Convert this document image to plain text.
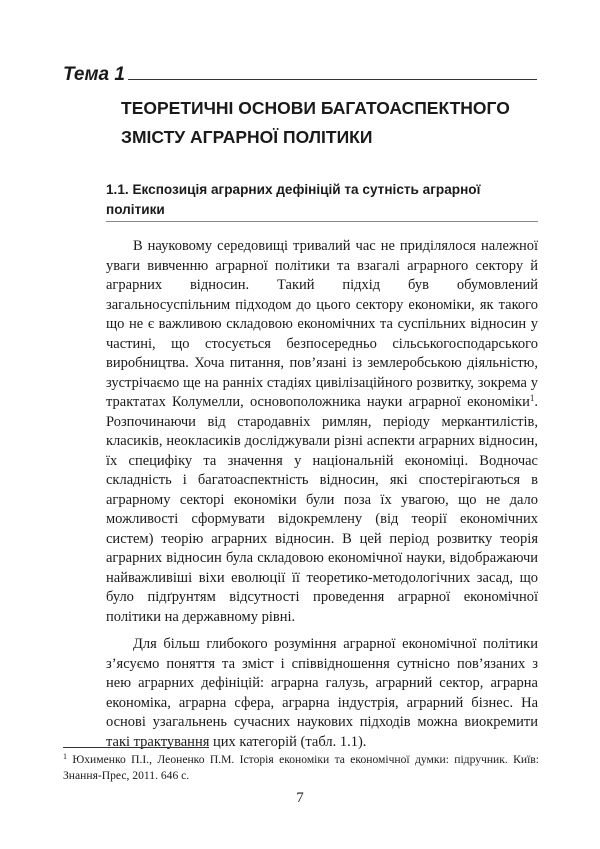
Тема 1
ТЕОРЕТИЧНІ ОСНОВИ БАГАТОАСПЕКТНОГО
ЗМІСТУ АГРАРНОЇ ПОЛІТИКИ
1.1. Експозиція аграрних дефініцій та сутність аграрної політики

В науковому середовищі тривалий час не приділялося належної уваги вивченню аграрної політики та взагалі аграрного сектору й аграрних відносин. Такий підхід був обумовлений загальносуспільним підходом до цього сектору економіки, як такого що не є важливою складовою економічних та суспільних відносин у частині, що стосується безпосередньо сільськогосподарського виробництва. Хоча питання, пов’язані із землеробською діяльністю, зустрічаємо ще на ранніх стадіях цивілізаційного розвитку, зокрема у трактатах Колумелли, основоположника науки аграрної економіки$^1$. Розпочинаючи від стародавніх римлян, періоду меркантилістів, класиків, неокласиків досліджували різні аспекти аграрних відносин, їх специфіку та значення у національній економіці. Водночас складність і багатоаспектність відносин, які спостерігаються в аграрному секторі економіки були поза їх увагою, що не дало можливості сформувати відокремлену (від теорії економічних систем) теорію аграрних відносин. В цей період розвитку теорія аграрних відносин була складовою економічної науки, відображаючи найважливіші віхи еволюції її теоретико-методологічних засад, що було підґрунтям відсутності проведення аграрної економічної політики на державному рівні.

Для більш глибокого розуміння аграрної економічної політики з’ясуємо поняття та зміст і співвідношення сутнісно пов’язаних з нею аграрних дефініцій: аграрна галузь, аграрний сектор, аграрна економіка, аграрна сфера, аграрна індустрія, аграрний бізнес. На основі узагальнень сучасних наукових підходів можна виокремити такі трактування цих категорій (табл. 1.1).

$^1$ Юхименко П.І., Леоненко П.М. Історія економіки та економічної думки: підручник. Київ: Знання-Прес, 2011. 646 с.

7
